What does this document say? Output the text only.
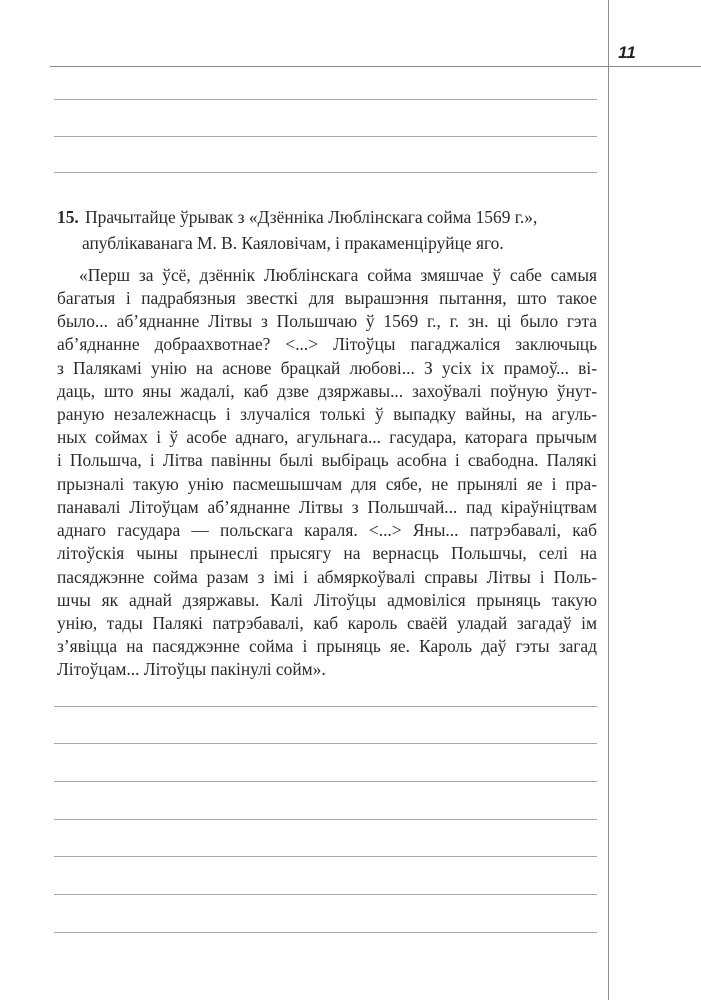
11
15. Прачытайце ўрывак з «Дзённіка Люблінскага сойма 1569 г.»,
апублікаванага М. В. Каяловічам, і пракаменціруйце яго.
«Перш за ўсё, дзённік Люблінскага сойма змяшчае ў сабе самыя
багатыя і падрабязныя звесткі для вырашэння пытання, што такое
было... аб’яднанне Літвы з Польшчаю ў 1569 г., г. зн. ці было гэта
аб’яднанне добраахвотнае? <...> Літоўцы пагаджаліся заключыць
з Палякамі унію на аснове брацкай любові... З усіх іх прамоў... ві-
даць, што яны жадалі, каб дзве дзяржавы... захоўвалі поўную ўнут-
раную незалежнасць і злучаліся толькі ў выпадку вайны, на агуль-
ных соймах і ў асобе аднаго, агульнага... гасудара, каторага прычым
і Польшча, і Літва павінны былі выбіраць асобна і свабодна. Палякі
прызналі такую унію пасмешышчам для сябе, не прынялі яе і пра-
панавалі Літоўцам аб’яднанне Літвы з Польшчай... пад кіраўніцтвам
аднаго гасудара — польскага караля. <...> Яны... патрэбавалі, каб
літоўскія чыны прынеслі прысягу на вернасць Польшчы, селі на
пасяджэнне сойма разам з імі і абмяркоўвалі справы Літвы і Поль-
шчы як аднай дзяржавы. Калі Літоўцы адмовіліся прыняць такую
унію, тады Палякі патрэбавалі, каб кароль сваёй уладай загадаў ім
з’явіцца на пасяджэнне сойма і прыняць яе. Кароль даў гэты загад
Літоўцам... Літоўцы пакінулі сойм».
